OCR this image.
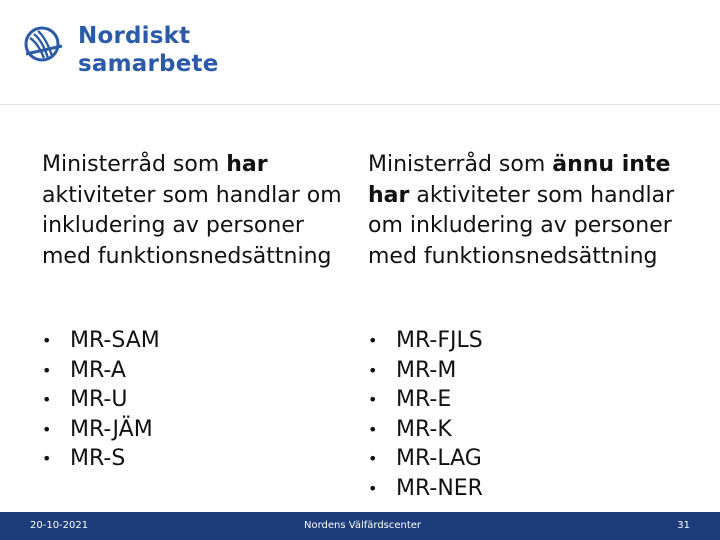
Nordiskt
samarbete

Ministerråd som har aktiviteter som handlar om inkludering av personer med funktionsnedsättning

• MR-SAM
• MR-A
• MR-U
• MR-JÄM
• MR-S

Ministerråd som ännu inte har aktiviteter som handlar om inkludering av personer med funktionsnedsättning

• MR-FJLS
• MR-M
• MR-E
• MR-K
• MR-LAG
• MR-NER
20-10-2021	Nordens Välfärdscenter	31
